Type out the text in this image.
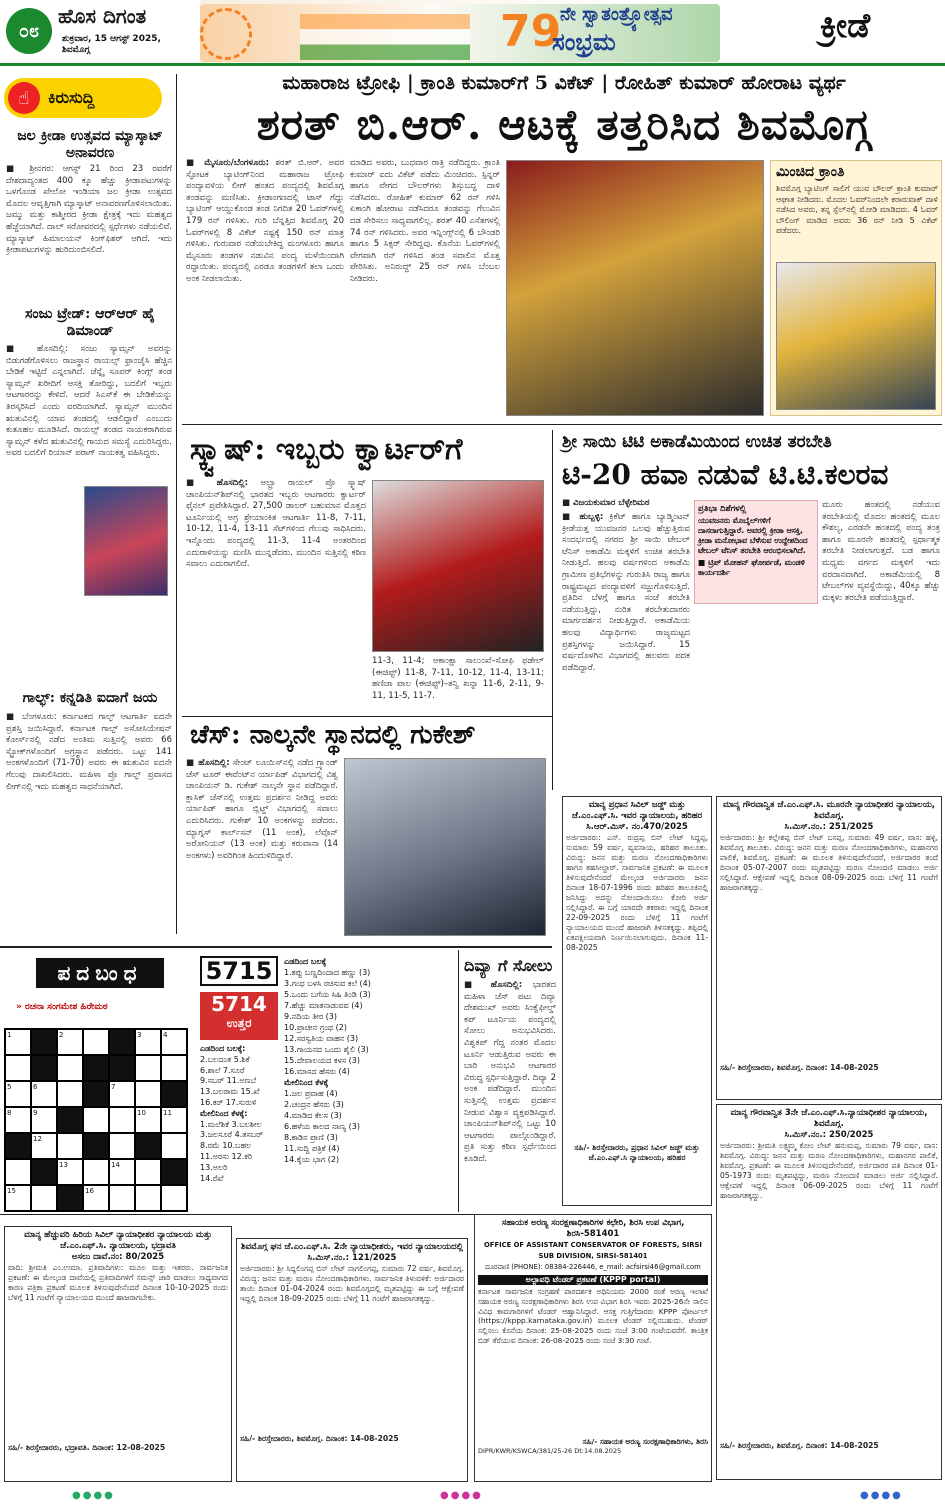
೦೮
ಹೊಸ ದಿಗಂತ
ಶುಕ್ರವಾರ, 15 ಆಗಸ್ಟ್ 2025,
ಶಿವಮೊಗ್ಗ	79
ನೇ ಸ್ವಾತಂತ್ರ್ಯೋತ್ಸವ
ಸಂಭ್ರಮ	ಕ್ರೀಡೆ
ಕಿರುಸುದ್ದಿ
☝
ಜಲ ಕ್ರೀಡಾ ಉತ್ಸವದ ಮ್ಯಾಸ್ಕಾಟ್ ಅನಾವರಣ
■ ಶ್ರೀನಗರ: ಆಗಸ್ಟ್ 21 ರಿಂದ 23 ರವರೆಗೆ ದೇಶದಾದ್ಯಂತದ 400 ಕ್ಕೂ ಹೆಚ್ಚು ಕ್ರೀಡಾಪಟುಗಳನ್ನು ಒಳಗೊಂಡ ಖೇಲೋ ಇಂಡಿಯಾ ಜಲ ಕ್ರೀಡಾ ಉತ್ಸವದ ಮೊದಲ ಆವೃತ್ತಿಗಾಗಿ ಮ್ಯಾಸ್ಕಾಟ್ ಅನಾವರಣಗೊಳಿಸಲಾಯಿತು. ಜಮ್ಮು ಮತ್ತು ಕಾಶ್ಮೀರದ ಕ್ರೀಡಾ ಕ್ಷೇತ್ರಕ್ಕೆ ಇದು ಮಹತ್ವದ ಹೆಜ್ಜೆಯಾಗಿದೆ. ದಾಲ್ ಸರೋವರದಲ್ಲಿ ಸ್ಪರ್ಧೆಗಳು ನಡೆಯಲಿವೆ. ಮ್ಯಾಸ್ಕಾಟ್ ಹಿಮಾಲಯನ್ ಕಿಂಗ್‌ಫಿಶರ್ ಆಗಿದೆ. ಇದು ಕ್ರೀಡಾಪಟುಗಳನ್ನು ಹುರಿದುಂಬಿಸಲಿದೆ.
ಸಂಜು ಟ್ರೇಡ್: ಆರ್‌ಆರ್ ಹೈ ಡಿಮಾಂಡ್
■ ಹೊಸದಿಲ್ಲಿ: ಸಂಜು ಸ್ಯಾಮ್ಸನ್ ಅವರನ್ನು ಬಿಡುಗಡೆಗೊಳಿಸಲು ರಾಜಸ್ಥಾನ ರಾಯಲ್ಸ್ ಫ್ರಾಂಚೈಸಿ ಹೆಚ್ಚಿನ ಬೇಡಿಕೆ ಇಟ್ಟಿದೆ ಎನ್ನಲಾಗಿದೆ. ಚೆನ್ನೈ ಸೂಪರ್ ಕಿಂಗ್ಸ್ ತಂಡ ಸ್ಯಾಮ್ಸನ್ ಖರೀದಿಗೆ ಆಸಕ್ತಿ ತೋರಿದ್ದು, ಬದಲಿಗೆ ಇಬ್ಬರು ಆಟಗಾರರನ್ನು ಕೇಳಿದೆ. ಆದರೆ ಸಿಎಸ್‌ಕೆ ಈ ಬೇಡಿಕೆಯನ್ನು ತಿರಸ್ಕರಿಸಿದೆ ಎಂದು ವರದಿಯಾಗಿದೆ. ಸ್ಯಾಮ್ಸನ್ ಮುಂದಿನ ಋತುವಿನಲ್ಲಿ ಯಾವ ತಂಡದಲ್ಲಿ ಆಡಲಿದ್ದಾರೆ ಎಂಬುದು ಕುತೂಹಲ ಮೂಡಿಸಿದೆ. ರಾಯಲ್ಸ್ ತಂಡದ ನಾಯಕರಾಗಿರುವ ಸ್ಯಾಮ್ಸನ್ ಕಳೆದ ಋತುವಿನಲ್ಲಿ ಗಾಯದ ಸಮಸ್ಯೆ ಎದುರಿಸಿದ್ದರು. ಅವರ ಬದಲಿಗೆ ರಿಯಾನ್ ಪರಾಗ್ ನಾಯಕತ್ವ ವಹಿಸಿದ್ದರು.
ಗಾಲ್ಫ್: ಕನ್ನಡಿತಿ ಐದಾಗೆ ಜಯ
■ ಬೆಂಗಳೂರು: ಕರ್ನಾಟಕದ ಗಾಲ್ಫ್ ಆಟಗಾರ್ತಿ ಐದನೇ ಪ್ರಶಸ್ತಿ ಜಯಿಸಿದ್ದಾರೆ. ಕರ್ನಾಟಕ ಗಾಲ್ಫ್ ಅಸೋಸಿಯೇಷನ್ ಕೋರ್ಸ್‌ನಲ್ಲಿ ನಡೆದ ಅಂತಿಮ ಸುತ್ತಿನಲ್ಲಿ ಅವರು 66 ಸ್ಟ್ರೋಕ್‌ಗಳೊಂದಿಗೆ ಅಗ್ರಸ್ಥಾನ ಪಡೆದರು. ಒಟ್ಟು 141 ಅಂಕಗಳೊಂದಿಗೆ (71-70) ಅವರು ಈ ಋತುವಿನ ಐದನೇ ಗೆಲುವು ದಾಖಲಿಸಿದರು. ಮಹಿಳಾ ಪ್ರೊ ಗಾಲ್ಫ್ ಪ್ರವಾಸದ ಲೀಗ್‌ನಲ್ಲಿ ಇದು ಮಹತ್ವದ ಸಾಧನೆಯಾಗಿದೆ.
ಮಹಾರಾಜ ಟ್ರೋಫಿ | ಕ್ರಾಂತಿ ಕುಮಾರ್‌ಗೆ 5 ವಿಕೆಟ್ | ರೋಹಿತ್ ಕುಮಾರ್ ಹೋರಾಟ ವ್ಯರ್ಥ
ಶರತ್ ಬಿ.ಆರ್. ಆಟಕ್ಕೆ ತತ್ತರಿಸಿದ ಶಿವಮೊಗ್ಗ
■ ಮೈಸೂರು/ಬೆಂಗಳೂರು: ಶರತ್ ಬಿ.ಆರ್. ಅವರ ಸ್ಫೋಟಕ ಬ್ಯಾಟಿಂಗ್‌ನಿಂದ ಮಹಾರಾಜ ಟ್ರೋಫಿ ಪಂದ್ಯಾವಳಿಯ ಲೀಗ್ ಹಂತದ ಪಂದ್ಯದಲ್ಲಿ ಶಿವಮೊಗ್ಗ ತಂಡವನ್ನು ಮಣಿಸಿತು. ಕ್ರೀಡಾಂಗಣದಲ್ಲಿ ಟಾಸ್ ಗೆದ್ದು ಬ್ಯಾಟಿಂಗ್ ಆಯ್ದುಕೊಂಡ ತಂಡ ನಿಗದಿತ 20 ಓವರ್‌ಗಳಲ್ಲಿ 179 ರನ್ ಗಳಿಸಿತು. ಗುರಿ ಬೆನ್ನತ್ತಿದ ಶಿವಮೊಗ್ಗ 20 ಓವರ್‌ಗಳಲ್ಲಿ 8 ವಿಕೆಟ್ ನಷ್ಟಕ್ಕೆ 150 ರನ್ ಮಾತ್ರ ಗಳಿಸಿತು. ಗುರುವಾರ ನಡೆಯಬೇಕಿದ್ದ ಮಂಗಳೂರು ಹಾಗೂ ಮೈಸೂರು ತಂಡಗಳ ನಡುವಿನ ಪಂದ್ಯ ಮಳೆಯಿಂದಾಗಿ ರದ್ದಾಯಿತು. ಪಂದ್ಯದಲ್ಲಿ ಎರಡೂ ತಂಡಗಳಿಗೆ ತಲಾ ಒಂದು ಅಂಕ ನೀಡಲಾಯಿತು.
ಮಾಡಿದ ಅವರು, ಬುಧವಾರ ರಾತ್ರಿ ನಡೆದಿದ್ದರು. ಕ್ರಾಂತಿ ಕುಮಾರ್ ಐದು ವಿಕೆಟ್ ಪಡೆದು ಮಿಂಚಿದರು. ಸ್ಪಿನ್ನರ್ ಹಾಗೂ ವೇಗದ ಬೌಲರ್‌ಗಳು ಶಿಸ್ತುಬದ್ಧ ದಾಳಿ ನಡೆಸಿದರು. ರೋಹಿತ್ ಕುಮಾರ್ 62 ರನ್ ಗಳಿಸಿ ಏಕಾಂಗಿ ಹೋರಾಟ ನಡೆಸಿದರೂ ತಂಡವನ್ನು ಗೆಲುವಿನ ದಡ ಸೇರಿಸಲು ಸಾಧ್ಯವಾಗಲಿಲ್ಲ. ಶರತ್ 40 ಎಸೆತಗಳಲ್ಲಿ 74 ರನ್ ಗಳಿಸಿದರು. ಅವರ ಇನ್ನಿಂಗ್ಸ್‌ನಲ್ಲಿ 6 ಬೌಂಡರಿ ಹಾಗೂ 5 ಸಿಕ್ಸರ್ ಸೇರಿದ್ದವು. ಕೊನೆಯ ಓವರ್‌ಗಳಲ್ಲಿ ವೇಗವಾಗಿ ರನ್ ಗಳಿಸಿದ ತಂಡ ಸವಾಲಿನ ಮೊತ್ತ ಪೇರಿಸಿತು. ಅನಿರುದ್ಧ್ 25 ರನ್ ಗಳಿಸಿ ಬೆಂಬಲ ನೀಡಿದರು.
ಮಿಂಚಿದ ಕ್ರಾಂತಿ
ಶಿವಮೊಗ್ಗ ಬ್ಯಾಟಿಂಗ್ ಸಾಲಿಗೆ ಯುವ ಬೌಲರ್ ಕ್ರಾಂತಿ ಕುಮಾರ್ ಆಘಾತ ನೀಡಿದರು. ಮೊದಲ ಓವರ್‌ನಿಂದಲೇ ಕರಾರುವಾಕ್ ದಾಳಿ ನಡೆಸಿದ ಅವರು, ತನ್ನ ಸ್ಪೆಲ್‌ನಲ್ಲಿ ಮೋಡಿ ಮಾಡಿದರು. 4 ಓವರ್ ಬೌಲಿಂಗ್ ಮಾಡಿದ ಅವರು 36 ರನ್ ನೀಡಿ 5 ವಿಕೆಟ್ ಪಡೆದರು.
ಸ್ಕ್ವಾಷ್: ಇಬ್ಬರು ಕ್ವಾರ್ಟರ್‌ಗೆ
■ ಹೊಸದಿಲ್ಲಿ: ಅಲ್ಟ್ರಾ ರಾಯಲ್ ಪ್ರೊ ಸ್ಕ್ವಾಷ್ ಚಾಂಪಿಯನ್‌ಶಿಪ್‌ನಲ್ಲಿ ಭಾರತದ ಇಬ್ಬರು ಆಟಗಾರರು ಕ್ವಾರ್ಟರ್ ಫೈನಲ್ ಪ್ರವೇಶಿಸಿದ್ದಾರೆ. 27,500 ಡಾಲರ್ ಬಹುಮಾನ ಮೊತ್ತದ ಟೂರ್ನಿಯಲ್ಲಿ ಅಗ್ರ ಶ್ರೇಯಾಂಕಿತ ಆಟಗಾರ್ತಿ 11-8, 7-11, 10-12, 11-4, 13-11 ಸೆಟ್‌ಗಳಿಂದ ಗೆಲುವು ಸಾಧಿಸಿದರು. ಇನ್ನೊಂದು ಪಂದ್ಯದಲ್ಲಿ 11-3, 11-4 ಅಂತರದಿಂದ ಎದುರಾಳಿಯನ್ನು ಮಣಿಸಿ ಮುನ್ನಡೆದರು. ಮುಂದಿನ ಸುತ್ತಿನಲ್ಲಿ ಕಠಿಣ ಸವಾಲು ಎದುರಾಗಲಿದೆ.
11-3, 11-4; ಆಕಾಂಕ್ಷಾ ಸಾಲುಂಖೆ–ಸೋಫಿ ಫಡೇಲ್ (ಈಜಿಪ್ಟ್) 11-8, 7-11, 10-12, 11-4, 13-11; ಹಣಿಜಾ ಪಾಲ (ಈಜಿಪ್ಟ್)–ತನ್ವಿ ಖನ್ನಾ 11-6, 2-11, 9-11, 11-5, 11-7.
ಶ್ರೀ ಸಾಯಿ ಟಿಟಿ ಅಕಾಡೆಮಿಯಿಂದ ಉಚಿತ ತರಬೇತಿ
ಟಿ-20 ಹವಾ ನಡುವೆ ಟಿ.ಟಿ.ಕಲರವ
■ ವಿಜಯಕುಮಾರ ಬೆಳ್ಳೇರಿಮಠ
■ ಹುಬ್ಬಳ್ಳಿ: ಕ್ರಿಕೆಟ್ ಹಾಗೂ ಬ್ಯಾಡ್ಮಿಂಟನ್ ಕ್ರೀಡೆಯತ್ತ ಯುವಜನರ ಒಲವು ಹೆಚ್ಚುತ್ತಿರುವ ಸಂದರ್ಭದಲ್ಲಿ ನಗರದ ಶ್ರೀ ಸಾಯಿ ಟೇಬಲ್ ಟೆನಿಸ್ ಅಕಾಡೆಮಿ ಮಕ್ಕಳಿಗೆ ಉಚಿತ ತರಬೇತಿ ನೀಡುತ್ತಿದೆ. ಹಲವು ವರ್ಷಗಳಿಂದ ಅಕಾಡೆಮಿ ಗ್ರಾಮೀಣ ಪ್ರತಿಭೆಗಳನ್ನು ಗುರುತಿಸಿ ರಾಜ್ಯ ಹಾಗೂ ರಾಷ್ಟ್ರಮಟ್ಟದ ಪಂದ್ಯಾವಳಿಗೆ ಸಜ್ಜುಗೊಳಿಸುತ್ತಿದೆ. ಪ್ರತಿದಿನ ಬೆಳಗ್ಗೆ ಹಾಗೂ ಸಂಜೆ ತರಬೇತಿ ನಡೆಯುತ್ತಿದ್ದು, ನುರಿತ ತರಬೇತುದಾರರು ಮಾರ್ಗದರ್ಶನ ನೀಡುತ್ತಿದ್ದಾರೆ. ಅಕಾಡೆಮಿಯ ಹಲವು ವಿದ್ಯಾರ್ಥಿಗಳು ರಾಜ್ಯಮಟ್ಟದ ಪ್ರಶಸ್ತಿಗಳನ್ನು ಜಯಿಸಿದ್ದಾರೆ. 15 ವರ್ಷದೊಳಗಿನ ವಿಭಾಗದಲ್ಲಿ ಹಲವರು ಪದಕ ಪಡೆದಿದ್ದಾರೆ.
ಪ್ರತಿಭಾ ದಿಶೆಗಳಲ್ಲಿ
ಯುವಜನರು ಮೊಬೈಲ್‌ಗಳಿಗೆ ದಾಸರಾಗುತ್ತಿದ್ದಾರೆ. ಅವರಲ್ಲಿ ಕ್ರೀಡಾ ಆಸಕ್ತಿ, ಕ್ರೀಡಾ ಮನೋಭಾವ ಬೆಳೆಸುವ ಉದ್ದೇಶದಿಂದ ಟೇಬಲ್ ಟೆನಿಸ್ ತರಬೇತಿ ಆರಂಭಿಸಲಾಗಿದೆ.
■ ಟ್ರಿಪ್ ಮೋಹನ್ ಘೋರ್ಪಡೆ, ಮಂಡಳಿ ಕಾರ್ಯದರ್ಶಿ
ಮೂರು ಹಂತದಲ್ಲಿ ನಡೆಯುವ ತರಬೇತಿಯಲ್ಲಿ ಮೊದಲ ಹಂತದಲ್ಲಿ ಮೂಲ ಕೌಶಲ್ಯ, ಎರಡನೇ ಹಂತದಲ್ಲಿ ಪಂದ್ಯ ತಂತ್ರ ಹಾಗೂ ಮೂರನೇ ಹಂತದಲ್ಲಿ ಸ್ಪರ್ಧಾತ್ಮಕ ತರಬೇತಿ ನೀಡಲಾಗುತ್ತದೆ. ಬಡ ಹಾಗೂ ಮಧ್ಯಮ ವರ್ಗದ ಮಕ್ಕಳಿಗೆ ಇದು ವರದಾನವಾಗಿದೆ. ಅಕಾಡೆಮಿಯಲ್ಲಿ 8 ಟೇಬಲ್‌ಗಳ ವ್ಯವಸ್ಥೆಯಿದ್ದು, 40ಕ್ಕೂ ಹೆಚ್ಚು ಮಕ್ಕಳು ತರಬೇತಿ ಪಡೆಯುತ್ತಿದ್ದಾರೆ.
ಚೆಸ್: ನಾಲ್ಕನೇ ಸ್ಥಾನದಲ್ಲಿ ಗುಕೇಶ್
■ ಹೊಸದಿಲ್ಲಿ: ಸೇಂಟ್ ಲೂಯಿಸ್‌ನಲ್ಲಿ ನಡೆದ ಗ್ರ್ಯಾಂಡ್ ಚೆಸ್ ಟೂರ್ ಈವೆಂಟ್‌ನ ರ್ಯಾಪಿಡ್ ವಿಭಾಗದಲ್ಲಿ ವಿಶ್ವ ಚಾಂಪಿಯನ್ ಡಿ. ಗುಕೇಶ್ ನಾಲ್ಕನೇ ಸ್ಥಾನ ಪಡೆದಿದ್ದಾರೆ. ಕ್ಲಾಸಿಕ್ ಚೆಸ್‌ನಲ್ಲಿ ಉತ್ತಮ ಪ್ರದರ್ಶನ ನೀಡಿದ್ದ ಅವರು ರ್ಯಾಪಿಡ್ ಹಾಗೂ ಬ್ಲಿಟ್ಜ್ ವಿಭಾಗದಲ್ಲಿ ಸವಾಲು ಎದುರಿಸಿದರು. ಗುಕೇಶ್ 10 ಅಂಕಗಳನ್ನು ಪಡೆದರು. ಮ್ಯಾಗ್ನಸ್ ಕಾರ್ಲ್‌ಸನ್ (11 ಅಂಕ), ಲೆವೊನ್ ಅರೋನಿಯನ್ (13 ಅಂಕ) ಮತ್ತು ಕರುವಾನಾ (14 ಅಂಕಗಳು) ಅವರಿಗಿಂತ ಹಿಂದುಳಿದಿದ್ದಾರೆ.
ಮಾನ್ಯ ಪ್ರಧಾನ ಸಿವಿಲ್ ಜಡ್ಜ್ ಮತ್ತು ಜೆ.ಎಂ.ಎಫ್.ಸಿ. ಇವರ ನ್ಯಾಯಾಲಯ, ಹರಿಹರ
ಸಿ.ಆರ್.ಮಿಸ್. ನಂ.470/2025
ಅರ್ಜಿದಾರರು: ಎಸ್. ರುದ್ರಪ್ಪ ಬಿನ್ ಲೇಟ್ ಸಿದ್ದಪ್ಪ, ಸುಮಾರು 59 ವರ್ಷ, ವ್ಯವಸಾಯ, ಹರಿಹರ ತಾಲೂಕು. ವಿರುದ್ಧ: ಜನನ ಮತ್ತು ಮರಣ ನೋಂದಣಾಧಿಕಾರಿಗಳು ಹಾಗೂ ತಹಸೀಲ್ದಾರ್. ಸಾರ್ವಜನಿಕ ಪ್ರಕಟಣೆ: ಈ ಮೂಲಕ ತಿಳಿಸುವುದೇನೆಂದರೆ ಮೇಲ್ಕಂಡ ಅರ್ಜಿದಾರರು ಜನನ ದಿನಾಂಕ 18-07-1996 ರಂದು ಹರಿಹರ ತಾಲೂಕಿನಲ್ಲಿ ಜನಿಸಿದ್ದು ಅದನ್ನು ನೋಂದಾಯಿಸಲು ಕೋರಿ ಅರ್ಜಿ ಸಲ್ಲಿಸಿದ್ದಾರೆ. ಈ ಬಗ್ಗೆ ಯಾರದೇ ತಕರಾರು ಇದ್ದಲ್ಲಿ ದಿನಾಂಕ 22-09-2025 ರಂದು ಬೆಳಿಗ್ಗೆ 11 ಗಂಟೆಗೆ ನ್ಯಾಯಾಲಯದ ಮುಂದೆ ಹಾಜರಾಗಿ ತಿಳಿಸತಕ್ಕದ್ದು. ತಪ್ಪಿದಲ್ಲಿ ಏಕಪಕ್ಷೀಯವಾಗಿ ನಿರ್ಣಯಿಸಲಾಗುವುದು. ದಿನಾಂಕ 11-08-2025
ಸಹಿ/- ಶಿರಸ್ತೇದಾರರು, ಪ್ರಧಾನ ಸಿವಿಲ್ ಜಡ್ಜ್ ಮತ್ತು ಜೆ.ಎಂ.ಎಫ್.ಸಿ ನ್ಯಾಯಾಲಯ, ಹರಿಹರ
ಮಾನ್ಯ ಗೌರವಾನ್ವಿತ ಜೆ.ಎಂ.ಎಫ್.ಸಿ. ಮೂರನೇ ನ್ಯಾಯಾಧೀಶರ ನ್ಯಾಯಾಲಯ, ಶಿವಮೊಗ್ಗ.
ಸಿ.ಮಿಸ್.ನಂ.: 251/2025
ಅರ್ಜಿದಾರರು: ಶ್ರೀ ಕಲ್ಲೇಶಪ್ಪ ಬಿನ್ ಲೇಟ್ ಬಸಪ್ಪ, ಸುಮಾರು 49 ವರ್ಷ, ವಾಸ: ಹಳ್ಳಿ, ಶಿವಮೊಗ್ಗ ತಾಲೂಕು. ವಿರುದ್ಧ: ಜನನ ಮತ್ತು ಮರಣ ನೋಂದಣಾಧಿಕಾರಿಗಳು, ಮಹಾನಗರ ಪಾಲಿಕೆ, ಶಿವಮೊಗ್ಗ. ಪ್ರಕಟಣೆ: ಈ ಮೂಲಕ ತಿಳಿಸುವುದೇನೆಂದರೆ, ಅರ್ಜಿದಾರರ ತಂದೆ ದಿನಾಂಕ 05-07-2007 ರಂದು ಮೃತಪಟ್ಟಿದ್ದು ಮರಣ ನೋಂದಣಿ ಮಾಡಲು ಅರ್ಜಿ ಸಲ್ಲಿಸಿದ್ದಾರೆ. ಆಕ್ಷೇಪಣೆ ಇದ್ದಲ್ಲಿ ದಿನಾಂಕ 08-09-2025 ರಂದು ಬೆಳಿಗ್ಗೆ 11 ಗಂಟೆಗೆ ಹಾಜರಾಗತಕ್ಕದ್ದು.
ಸಹಿ/- ಶಿರಸ್ತೇದಾರರು, ಶಿವಮೊಗ್ಗ. ದಿನಾಂಕ: 14-08-2025
ಮಾನ್ಯ ಗೌರವಾನ್ವಿತ 3ನೇ ಜೆ.ಎಂ.ಎಫ್.ಸಿ.ನ್ಯಾಯಾಧೀಶರ ನ್ಯಾಯಾಲಯ, ಶಿವಮೊಗ್ಗ.
ಸಿ.ಮಿಸ್.ನಂ.: 250/2025
ಅರ್ಜಿದಾರರು: ಶ್ರೀಮತಿ ಲಕ್ಷ್ಮಮ್ಮ ಕೋಂ ಲೇಟ್ ಹನುಮಪ್ಪ, ಸುಮಾರು 79 ವರ್ಷ, ವಾಸ: ಶಿವಮೊಗ್ಗ. ವಿರುದ್ಧ: ಜನನ ಮತ್ತು ಮರಣ ನೋಂದಣಾಧಿಕಾರಿಗಳು, ಮಹಾನಗರ ಪಾಲಿಕೆ, ಶಿವಮೊಗ್ಗ. ಪ್ರಕಟಣೆ: ಈ ಮೂಲಕ ತಿಳಿಸುವುದೇನೆಂದರೆ, ಅರ್ಜಿದಾರರ ಪತಿ ದಿನಾಂಕ 01-05-1973 ರಂದು ಮೃತಪಟ್ಟಿದ್ದು, ಮರಣ ನೋಂದಣಿ ಮಾಡಲು ಅರ್ಜಿ ಸಲ್ಲಿಸಿದ್ದಾರೆ. ಆಕ್ಷೇಪಣೆ ಇದ್ದಲ್ಲಿ ದಿನಾಂಕ 06-09-2025 ರಂದು ಬೆಳಿಗ್ಗೆ 11 ಗಂಟೆಗೆ ಹಾಜರಾಗತಕ್ಕದ್ದು.
ಸಹಿ/- ಶಿರಸ್ತೇದಾರರು, ಶಿವಮೊಗ್ಗ. ದಿನಾಂಕ: 14-08-2025
ಪದಬಂಧ
» ರಚನಾ ಸಂಗಮೇಶ ಹಿರೇಮಠ
1	2	3	4
5	6	7
8	9	10	11
12
13	14
15	16
5715
5714
ಉತ್ತರ
ಎಡದಿಂದ ಬಲಕ್ಕೆ:
2.ಬಲದಂತ 5.ಶಿಕೆ
6.ಶಾಲೆ 7.ಸೂರೆ
9.ಸಬರ್ 11.ಅಣಬೆ
13.ಬಲರಾಮ 15.ಖೆ
16.ಕರ್ 17.ಸುರುಳಿ
ಮೇಲಿನಿಂದ ಕೆಳಕ್ಕೆ:
1.ಮಲೆಶಿಕೆ 3.ಬಲಶೀಲ
3.ಜಲಸೂರೆ 4.ತಸಬರ್
8.ರಮೆ 10.ಬಹಲ
11.ಅರಸು 12.ಕರಿ
13.ಅಲರಿ
14.ರೆಖೆ
ಎಡದಿಂದ ಬಲಕ್ಕೆ
1.ಕಪ್ಪು ಬಣ್ಣದಿಂದಾದ ಹಣ್ಣು (3)
3.ಗಂಧ ಬಳಸಿ ರಚಿಸುವ ಕಲೆ (4)
5.ಒಂದು ಬಗೆಯ ಸಿಹಿ ತಿಂಡಿ (3)
7.ಹೆಚ್ಚು ಮಾತನಾಡುವವ (4)
9.ನದಿಯ ತೀರ (3)
10.ಪ್ರಾಚೀನ ಗ್ರಂಥ (2)
12.ಸರಸ್ವತಿಯ ವಾಹನ (3)
13.ಗಾಯನದ ಒಂದು ಶೈಲಿ (3)
15.ದೇವಾಲಯದ ಕಳಸ (3)
16.ಮಾಸದ ಹೆಸರು (4)
ಮೇಲಿನಿಂದ ಕೆಳಕ್ಕೆ
1.ಜಲ ಪ್ರವಾಹ (4)
2.ಚಂದ್ರನ ಹೆಸರು (3)
4.ಮಾಡಿದ ಕೆಲಸ (3)
6.ಹಳೆಯ ಕಾಲದ ನಾಣ್ಯ (3)
8.ಕಾಡಿನ ಪ್ರಾಣಿ (3)
11.ಸುದ್ದಿ ಪತ್ರಿಕೆ (4)
14.ಕೈಯ ಭಾಗ (2)
ದಿವ್ಯಾ ಗೆ ಸೋಲು
■ ಹೊಸದಿಲ್ಲಿ: ಭಾರತದ ಮಹಿಳಾ ಚೆಸ್ ಪಟು ದಿವ್ಯಾ ದೇಶಮುಖ್ ಅವರು ಸಿಂಕ್ವೆಫೀಲ್ಡ್ ಕಪ್ ಟೂರ್ನಿಯ ಪಂದ್ಯದಲ್ಲಿ ಸೋಲು ಅನುಭವಿಸಿದರು. ವಿಶ್ವಕಪ್ ಗೆದ್ದ ನಂತರ ಮೊದಲ ಟೂರ್ನಿ ಆಡುತ್ತಿರುವ ಅವರು ಈ ಬಾರಿ ಅನುಭವಿ ಆಟಗಾರರ ವಿರುದ್ಧ ಸ್ಪರ್ಧಿಸುತ್ತಿದ್ದಾರೆ. ದಿವ್ಯಾ 2 ಅಂಕ ಪಡೆದಿದ್ದಾರೆ. ಮುಂದಿನ ಸುತ್ತಿನಲ್ಲಿ ಉತ್ತಮ ಪ್ರದರ್ಶನ ನೀಡುವ ವಿಶ್ವಾಸ ವ್ಯಕ್ತಪಡಿಸಿದ್ದಾರೆ. ಚಾಂಪಿಯನ್‌ಶಿಪ್‌ನಲ್ಲಿ ಒಟ್ಟು 10 ಆಟಗಾರರು ಪಾಲ್ಗೊಂಡಿದ್ದಾರೆ. ಪ್ರತಿ ಸುತ್ತು ಕಠಿಣ ಸ್ಪರ್ಧೆಯಿಂದ ಕೂಡಿದೆ.
ಮಾನ್ಯ ಹೆಚ್ಚುವರಿ ಹಿರಿಯ ಸಿವಿಲ್ ನ್ಯಾಯಾಧೀಶರ ನ್ಯಾಯಾಲಯ ಮತ್ತು ಜೆ.ಎಂ.ಎಫ್.ಸಿ. ನ್ಯಾಯಾಲಯ, ಭದ್ರಾವತಿ
ಅಸಲು ದಾವೆ.ನಂ: 80/2025
ವಾದಿ: ಶ್ರೀಮತಿ ಎಂ.ಉಮಾ. ಪ್ರತಿವಾದಿಗಳು: ಮೂಲ ಮತ್ತು ಇತರರು. ಸಾರ್ವಜನಿಕ ಪ್ರಕಟಣೆ: ಈ ಮೇಲ್ಕಂಡ ದಾವೆಯಲ್ಲಿ ಪ್ರತಿವಾದಿಗಳಿಗೆ ಸಮನ್ಸ್ ಜಾರಿ ಮಾಡಲು ಸಾಧ್ಯವಾಗದ ಕಾರಣ ಪತ್ರಿಕಾ ಪ್ರಕಟಣೆ ಮೂಲಕ ತಿಳಿಸುವುದೇನೆಂದರೆ ದಿನಾಂಕ 10-10-2025 ರಂದು ಬೆಳಿಗ್ಗೆ 11 ಗಂಟೆಗೆ ನ್ಯಾಯಾಲಯದ ಮುಂದೆ ಹಾಜರಾಗಬೇಕು.
ಸಹಿ/- ಶಿರಸ್ತೇದಾರರು, ಭದ್ರಾವತಿ. ದಿನಾಂಕ: 12-08-2025
ಶಿವಮೊಗ್ಗ ಘನ ಜೆ.ಎಂ.ಎಫ್.ಸಿ. 2ನೇ ನ್ಯಾಯಾಧೀಶರು, ಇವರ ನ್ಯಾಯಾಲಯದಲ್ಲಿ
ಸಿ.ಮಿಸ್.ನಂ.: 121/2025
ಅರ್ಜಿದಾರರು: ಶ್ರೀ ಸಿದ್ದಲಿಂಗಪ್ಪ ಬಿನ್ ಲೇಟ್ ನಾಗಲಿಂಗಪ್ಪ, ಸುಮಾರು 72 ವರ್ಷ, ಶಿವಮೊಗ್ಗ. ವಿರುದ್ಧ: ಜನನ ಮತ್ತು ಮರಣ ನೋಂದಣಾಧಿಕಾರಿಗಳು. ಸಾರ್ವಜನಿಕ ತಿಳುವಳಿಕೆ: ಅರ್ಜಿದಾರರ ತಾಯಿ ದಿನಾಂಕ 01-04-2024 ರಂದು ಶಿವಮೊಗ್ಗದಲ್ಲಿ ಮೃತಪಟ್ಟಿದ್ದು ಈ ಬಗ್ಗೆ ಆಕ್ಷೇಪಣೆ ಇದ್ದಲ್ಲಿ ದಿನಾಂಕ 18-09-2025 ರಂದು ಬೆಳಿಗ್ಗೆ 11 ಗಂಟೆಗೆ ಹಾಜರಾಗತಕ್ಕದ್ದು.
ಸಹಿ/- ಶಿರಸ್ತೇದಾರರು, ಶಿವಮೊಗ್ಗ. ದಿನಾಂಕ: 14-08-2025
ಸಹಾಯಕ ಅರಣ್ಯ ಸಂರಕ್ಷಣಾಧಿಕಾರಿಗಳ ಕಛೇರಿ, ಶಿರಸಿ ಉಪ ವಿಭಾಗ, ಶಿರಸಿ-581401
OFFICE OF ASSISTANT CONSERVATOR OF FORESTS, SIRSI SUB DIVISION, SIRSI-581401
ದೂರವಾಣಿ (PHONE): 08384-226446, e_mail: acfsirsi46@gmail.com
ಅಲ್ಪಾವಧಿ ಟೆಂಡರ್ ಪ್ರಕಟಣೆ (KPPP portal)
ಕರ್ನಾಟಕ ಸಾರ್ವಜನಿಕ ಸಂಗ್ರಹಣೆ ಪಾರದರ್ಶಕ ಅಧಿನಿಯಮ 2000 ರಂತೆ ಅರಣ್ಯ ಇಲಾಖೆ ಸಹಾಯಕ ಅರಣ್ಯ ಸಂರಕ್ಷಣಾಧಿಕಾರಿಗಳು ಶಿರಸಿ ಉಪ ವಿಭಾಗ ಶಿರಸಿ ಇವರು 2025-26ನೇ ಸಾಲಿನ ವಿವಿಧ ಕಾಮಗಾರಿಗಳಿಗೆ ಟೆಂಡರ್ ಆಹ್ವಾನಿಸಿದ್ದಾರೆ. ಆಸಕ್ತ ಗುತ್ತಿಗೆದಾರರು KPPP ಪೋರ್ಟಲ್ (https://kppp.karnataka.gov.in) ಮೂಲಕ ಟೆಂಡರ್ ಸಲ್ಲಿಸಬಹುದು. ಟೆಂಡರ್ ಸಲ್ಲಿಸಲು ಕೊನೆಯ ದಿನಾಂಕ: 25-08-2025 ರಂದು ಸಂಜೆ 3:00 ಗಂಟೆಯವರೆಗೆ. ತಾಂತ್ರಿಕ ಬಿಡ್ ತೆರೆಯುವ ದಿನಾಂಕ: 26-08-2025 ರಂದು ಸಂಜೆ 3:30 ಗಂಟೆ.
ಸಹಿ/- ಸಹಾಯಕ ಅರಣ್ಯ ಸಂರಕ್ಷಣಾಧಿಕಾರಿಗಳು, ಶಿರಸಿ
DIPR/KWR/KSWCA/381/25-26 Dt:14.08.2025
●●●●	●●●●	●●●●
